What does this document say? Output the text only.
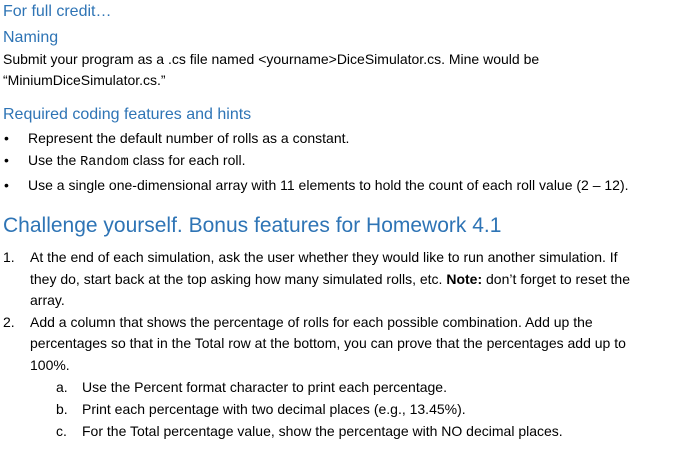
For full credit…
Naming

Submit your program as a .cs file named <yourname>DiceSimulator.cs. Mine would be
“MiniumDiceSimulator.cs.”

Required coding features and hints
• Represent the default number of rolls as a constant.
• Use the Random class for each roll.
• Use a single one-dimensional array with 11 elements to hold the count of each roll value (2 – 12).
Challenge yourself. Bonus features for Homework 4.1
1. At the end of each simulation, ask the user whether they would like to run another simulation. If
they do, start back at the top asking how many simulated rolls, etc. Note: don’t forget to reset the
array.
2. Add a column that shows the percentage of rolls for each possible combination. Add up the
percentages so that in the Total row at the bottom, you can prove that the percentages add up to
100%.
a. Use the Percent format character to print each percentage.
b. Print each percentage with two decimal places (e.g., 13.45%).
c. For the Total percentage value, show the percentage with NO decimal places.
